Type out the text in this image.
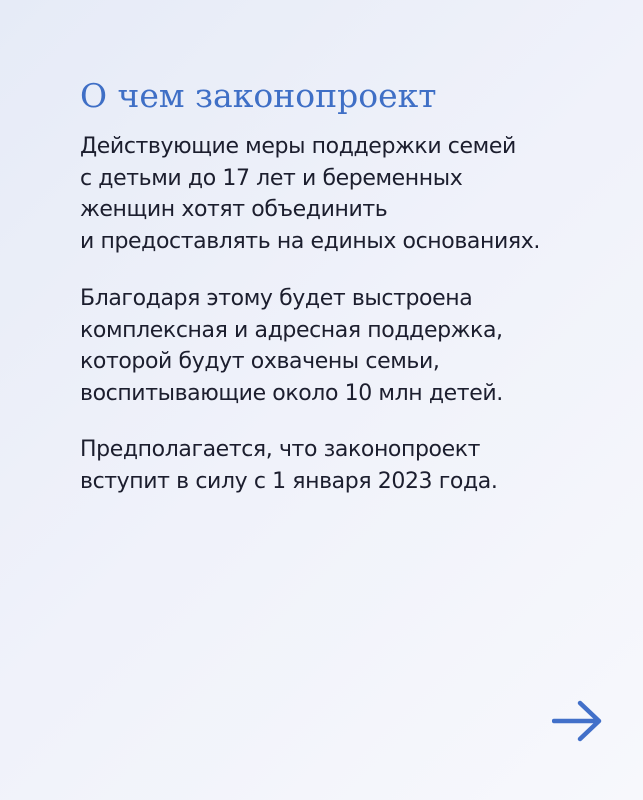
О чем законопроект

Действующие меры поддержки семей
с детьми до 17 лет и беременных
женщин хотят объединить
и предоставлять на единых основаниях.

Благодаря этому будет выстроена
комплексная и адресная поддержка,
которой будут охвачены семьи,
воспитывающие около 10 млн детей.

Предполагается, что законопроект
вступит в силу с 1 января 2023 года.
